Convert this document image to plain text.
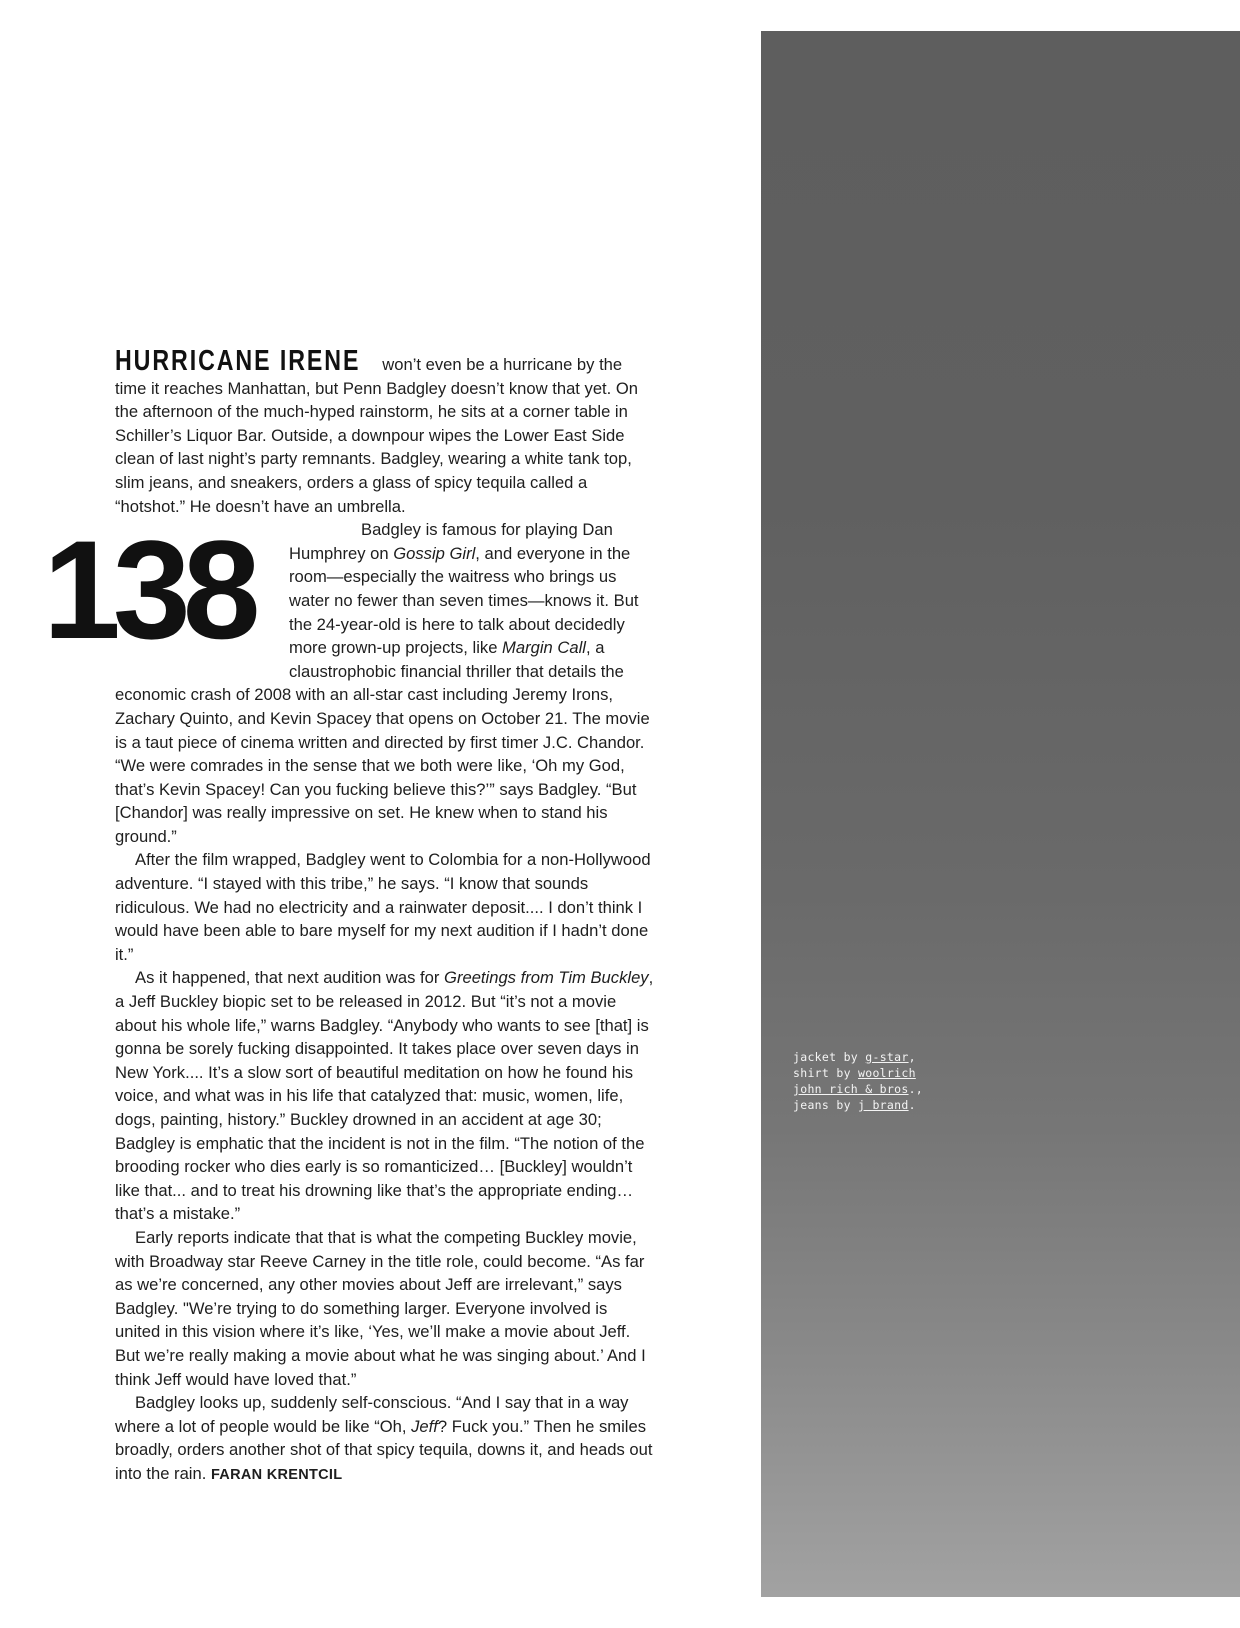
jacket by g-star,
shirt by woolrich
john rich & bros.,
jeans by j brand.

HURRICANE IRENE won’t even be a hurricane by the time it reaches Manhattan, but Penn Badgley doesn’t know that yet. On the afternoon of the much-hyped rainstorm, he sits at a corner table in Schiller’s Liquor Bar. Outside, a downpour wipes the Lower East Side clean of last night’s party remnants. Badgley, wearing a white tank top, slim jeans, and sneakers, orders a glass of spicy tequila called a “hotshot.” He doesn’t have an umbrella.

138	Badgley is famous for playing Dan Humphrey on Gossip Girl, and everyone in the room—especially the waitress who brings us water no fewer than seven times—knows it. But the 24-year-old is here to talk about decidedly more grown-up projects, like Margin Call, a claustrophobic financial thriller that details the economic crash of 2008 with an all-star cast including Jeremy Irons, Zachary Quinto, and Kevin Spacey that opens on October 21. The movie is a taut piece of cinema written and directed by first timer J.C. Chandor. “We were comrades in the sense that we both were like, ‘Oh my God, that’s Kevin Spacey! Can you fucking believe this?’” says Badgley. “But [Chandor] was really impressive on set. He knew when to stand his ground.”

After the film wrapped, Badgley went to Colombia for a non-Hollywood adventure. “I stayed with this tribe,” he says. “I know that sounds ridiculous. We had no electricity and a rainwater deposit.... I don’t think I would have been able to bare myself for my next audition if I hadn’t done it.”

As it happened, that next audition was for Greetings from Tim Buckley, a Jeff Buckley biopic set to be released in 2012. But “it’s not a movie about his whole life,” warns Badgley. “Anybody who wants to see [that] is gonna be sorely fucking disappointed. It takes place over seven days in New York.... It’s a slow sort of beautiful meditation on how he found his voice, and what was in his life that catalyzed that: music, women, life, dogs, painting, history.” Buckley drowned in an accident at age 30; Badgley is emphatic that the incident is not in the film. “The notion of the brooding rocker who dies early is so romanticized… [Buckley] wouldn’t like that... and to treat his drowning like that’s the appropriate ending… that’s a mistake.”

Early reports indicate that that is what the competing Buckley movie, with Broadway star Reeve Carney in the title role, could become. “As far as we’re concerned, any other movies about Jeff are irrelevant,” says Badgley. "We’re trying to do something larger. Everyone involved is united in this vision where it’s like, ‘Yes, we’ll make a movie about Jeff. But we’re really making a movie about what he was singing about.’ And I think Jeff would have loved that.”

Badgley looks up, suddenly self-conscious. “And I say that in a way where a lot of people would be like “Oh, Jeff? Fuck you.” Then he smiles broadly, orders another shot of that spicy tequila, downs it, and heads out into the rain. FARAN KRENTCIL
